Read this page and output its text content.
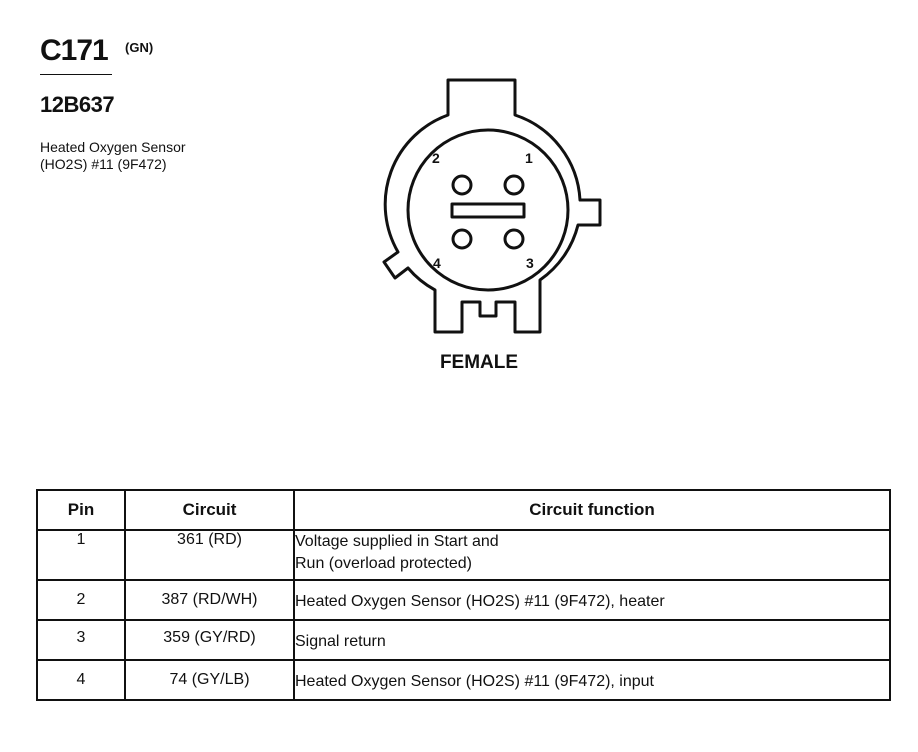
C171 (GN)
12B637
Heated Oxygen Sensor
(HO2S) #11 (9F472)	2	1
4	3
FEMALE
Pin	Circuit	Circuit function
1	361 (RD)	Voltage supplied in Start and
Run (overload protected)

2	387 (RD/WH)	Heated Oxygen Sensor (HO2S) #11 (9F472), heater
3	359 (GY/RD)	Signal return
4	74 (GY/LB)	Heated Oxygen Sensor (HO2S) #11 (9F472), input
